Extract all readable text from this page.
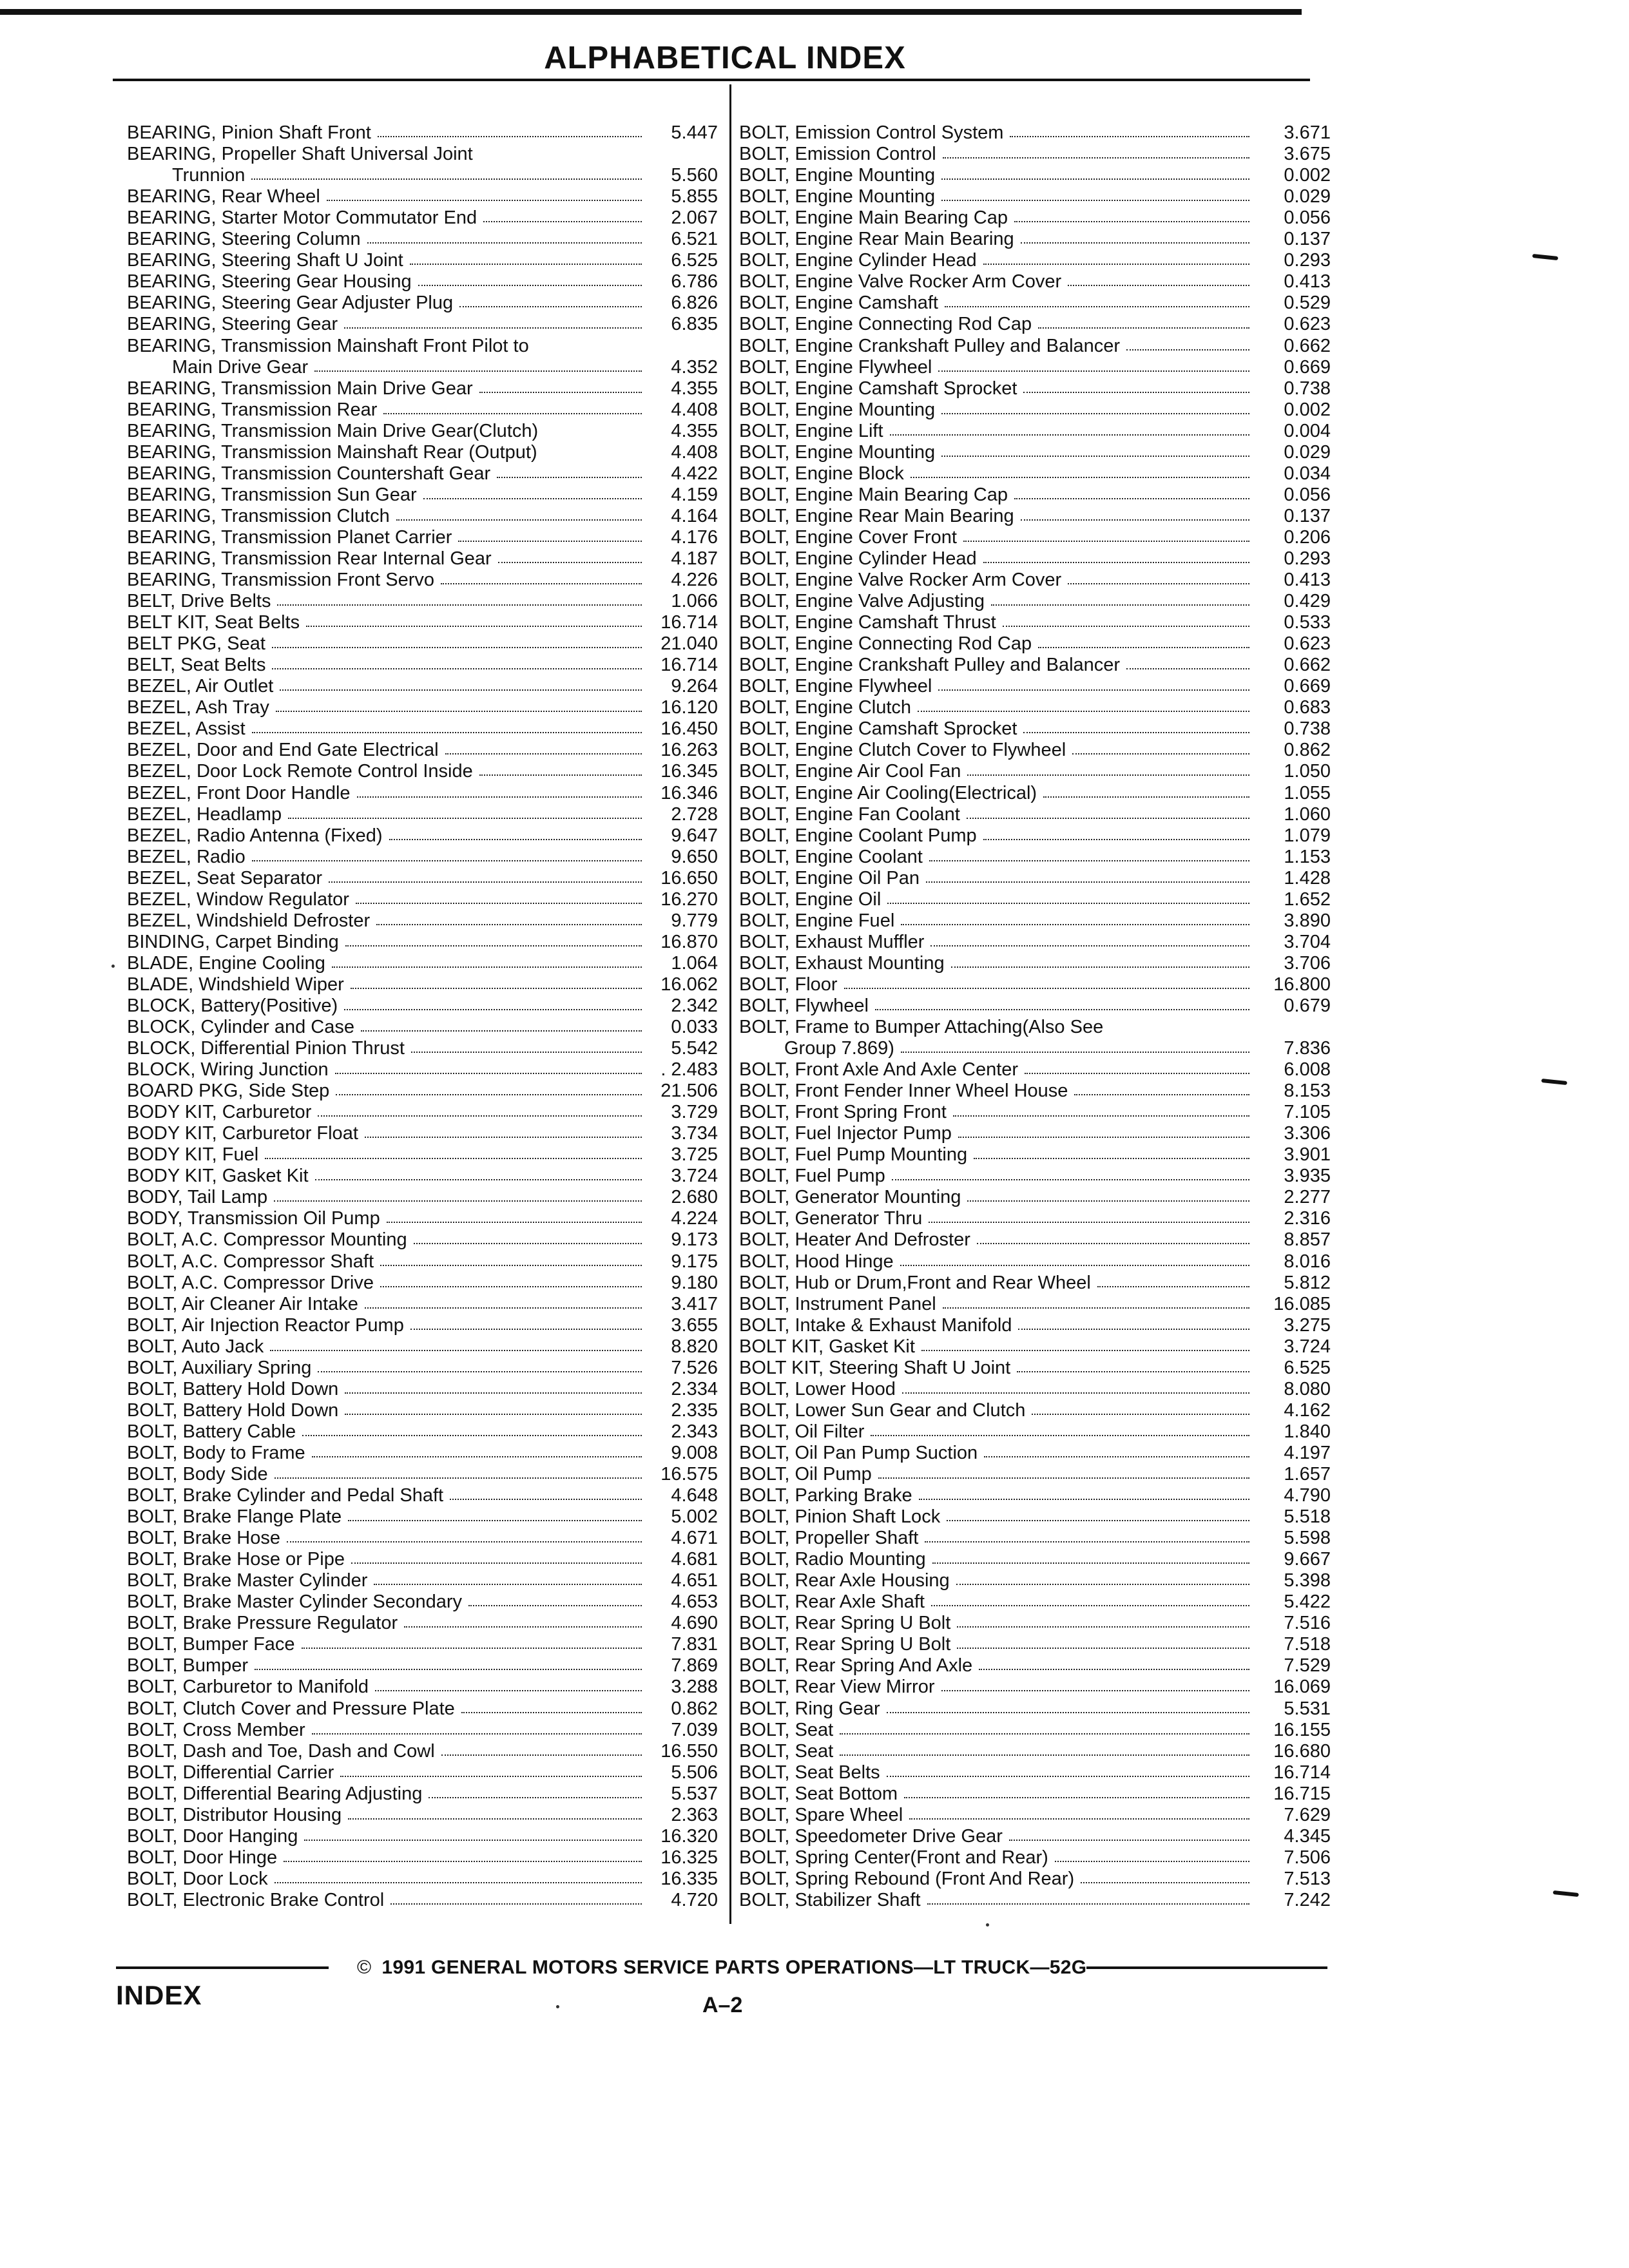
ALPHABETICAL INDEX
BEARING, Pinion Shaft Front	5.447
BEARING, Propeller Shaft Universal Joint
Trunnion	5.560
BEARING, Rear Wheel	5.855
BEARING, Starter Motor Commutator End	2.067
BEARING, Steering Column	6.521
BEARING, Steering Shaft U Joint	6.525
BEARING, Steering Gear Housing	6.786
BEARING, Steering Gear Adjuster Plug	6.826
BEARING, Steering Gear	6.835
BEARING, Transmission Mainshaft Front Pilot to
Main Drive Gear	4.352
BEARING, Transmission Main Drive Gear	4.355
BEARING, Transmission Rear	4.408
BEARING, Transmission Main Drive Gear(Clutch)	4.355
BEARING, Transmission Mainshaft Rear (Output)	4.408
BEARING, Transmission Countershaft Gear	4.422
BEARING, Transmission Sun Gear	4.159
BEARING, Transmission Clutch	4.164
BEARING, Transmission Planet Carrier	4.176
BEARING, Transmission Rear Internal Gear	4.187
BEARING, Transmission Front Servo	4.226
BELT, Drive Belts	1.066
BELT KIT, Seat Belts	16.714
BELT PKG, Seat	21.040
BELT, Seat Belts	16.714
BEZEL, Air Outlet	9.264
BEZEL, Ash Tray	16.120
BEZEL, Assist	16.450
BEZEL, Door and End Gate Electrical	16.263
BEZEL, Door Lock Remote Control Inside	16.345
BEZEL, Front Door Handle	16.346
BEZEL, Headlamp	2.728
BEZEL, Radio Antenna (Fixed)	9.647
BEZEL, Radio	9.650
BEZEL, Seat Separator	16.650
BEZEL, Window Regulator	16.270
BEZEL, Windshield Defroster	9.779
BINDING, Carpet Binding	16.870
BLADE, Engine Cooling	1.064
BLADE, Windshield Wiper	16.062
BLOCK, Battery(Positive)	2.342
BLOCK, Cylinder and Case	0.033
BLOCK, Differential Pinion Thrust	5.542
BLOCK, Wiring Junction	. 2.483
BOARD PKG, Side Step	21.506
BODY KIT, Carburetor	3.729
BODY KIT, Carburetor Float	3.734
BODY KIT, Fuel	3.725
BODY KIT, Gasket Kit	3.724
BODY, Tail Lamp	2.680
BODY, Transmission Oil Pump	4.224
BOLT, A.C. Compressor Mounting	9.173
BOLT, A.C. Compressor Shaft	9.175
BOLT, A.C. Compressor Drive	9.180
BOLT, Air Cleaner Air Intake	3.417
BOLT, Air Injection Reactor Pump	3.655
BOLT, Auto Jack	8.820
BOLT, Auxiliary Spring	7.526
BOLT, Battery Hold Down	2.334
BOLT, Battery Hold Down	2.335
BOLT, Battery Cable	2.343
BOLT, Body to Frame	9.008
BOLT, Body Side	16.575
BOLT, Brake Cylinder and Pedal Shaft	4.648
BOLT, Brake Flange Plate	5.002
BOLT, Brake Hose	4.671
BOLT, Brake Hose or Pipe	4.681
BOLT, Brake Master Cylinder	4.651
BOLT, Brake Master Cylinder Secondary	4.653
BOLT, Brake Pressure Regulator	4.690
BOLT, Bumper Face	7.831
BOLT, Bumper	7.869
BOLT, Carburetor to Manifold	3.288
BOLT, Clutch Cover and Pressure Plate	0.862
BOLT, Cross Member	7.039
BOLT, Dash and Toe, Dash and Cowl	16.550
BOLT, Differential Carrier	5.506
BOLT, Differential Bearing Adjusting	5.537
BOLT, Distributor Housing	2.363
BOLT, Door Hanging	16.320
BOLT, Door Hinge	16.325
BOLT, Door Lock	16.335
BOLT, Electronic Brake Control	4.720
BOLT, Emission Control System	3.671
BOLT, Emission Control	3.675
BOLT, Engine Mounting	0.002
BOLT, Engine Mounting	0.029
BOLT, Engine Main Bearing Cap	0.056
BOLT, Engine Rear Main Bearing	0.137
BOLT, Engine Cylinder Head	0.293
BOLT, Engine Valve Rocker Arm Cover	0.413
BOLT, Engine Camshaft	0.529
BOLT, Engine Connecting Rod Cap	0.623
BOLT, Engine Crankshaft Pulley and Balancer	0.662
BOLT, Engine Flywheel	0.669
BOLT, Engine Camshaft Sprocket	0.738
BOLT, Engine Mounting	0.002
BOLT, Engine Lift	0.004
BOLT, Engine Mounting	0.029
BOLT, Engine Block	0.034
BOLT, Engine Main Bearing Cap	0.056
BOLT, Engine Rear Main Bearing	0.137
BOLT, Engine Cover Front	0.206
BOLT, Engine Cylinder Head	0.293
BOLT, Engine Valve Rocker Arm Cover	0.413
BOLT, Engine Valve Adjusting	0.429
BOLT, Engine Camshaft Thrust	0.533
BOLT, Engine Connecting Rod Cap	0.623
BOLT, Engine Crankshaft Pulley and Balancer	0.662
BOLT, Engine Flywheel	0.669
BOLT, Engine Clutch	0.683
BOLT, Engine Camshaft Sprocket	0.738
BOLT, Engine Clutch Cover to Flywheel	0.862
BOLT, Engine Air Cool Fan	1.050
BOLT, Engine Air Cooling(Electrical)	1.055
BOLT, Engine Fan Coolant	1.060
BOLT, Engine Coolant Pump	1.079
BOLT, Engine Coolant	1.153
BOLT, Engine Oil Pan	1.428
BOLT, Engine Oil	1.652
BOLT, Engine Fuel	3.890
BOLT, Exhaust Muffler	3.704
BOLT, Exhaust Mounting	3.706
BOLT, Floor	16.800
BOLT, Flywheel	0.679
BOLT, Frame to Bumper Attaching(Also See
Group 7.869)	7.836
BOLT, Front Axle And Axle Center	6.008
BOLT, Front Fender Inner Wheel House	8.153
BOLT, Front Spring Front	7.105
BOLT, Fuel Injector Pump	3.306
BOLT, Fuel Pump Mounting	3.901
BOLT, Fuel Pump	3.935
BOLT, Generator Mounting	2.277
BOLT, Generator Thru	2.316
BOLT, Heater And Defroster	8.857
BOLT, Hood Hinge	8.016
BOLT, Hub or Drum,Front and Rear Wheel	5.812
BOLT, Instrument Panel	16.085
BOLT, Intake & Exhaust Manifold	3.275
BOLT KIT, Gasket Kit	3.724
BOLT KIT, Steering Shaft U Joint	6.525
BOLT, Lower Hood	8.080
BOLT, Lower Sun Gear and Clutch	4.162
BOLT, Oil Filter	1.840
BOLT, Oil Pan Pump Suction	4.197
BOLT, Oil Pump	1.657
BOLT, Parking Brake	4.790
BOLT, Pinion Shaft Lock	5.518
BOLT, Propeller Shaft	5.598
BOLT, Radio Mounting	9.667
BOLT, Rear Axle Housing	5.398
BOLT, Rear Axle Shaft	5.422
BOLT, Rear Spring U Bolt	7.516
BOLT, Rear Spring U Bolt	7.518
BOLT, Rear Spring And Axle	7.529
BOLT, Rear View Mirror	16.069
BOLT, Ring Gear	5.531
BOLT, Seat	16.155
BOLT, Seat	16.680
BOLT, Seat Belts	16.714
BOLT, Seat Bottom	16.715
BOLT, Spare Wheel	7.629
BOLT, Speedometer Drive Gear	4.345
BOLT, Spring Center(Front and Rear)	7.506
BOLT, Spring Rebound (Front And Rear)	7.513
BOLT, Stabilizer Shaft	7.242
© 1991 GENERAL MOTORS SERVICE PARTS OPERATIONS—LT TRUCK—52G
INDEX	A–2
